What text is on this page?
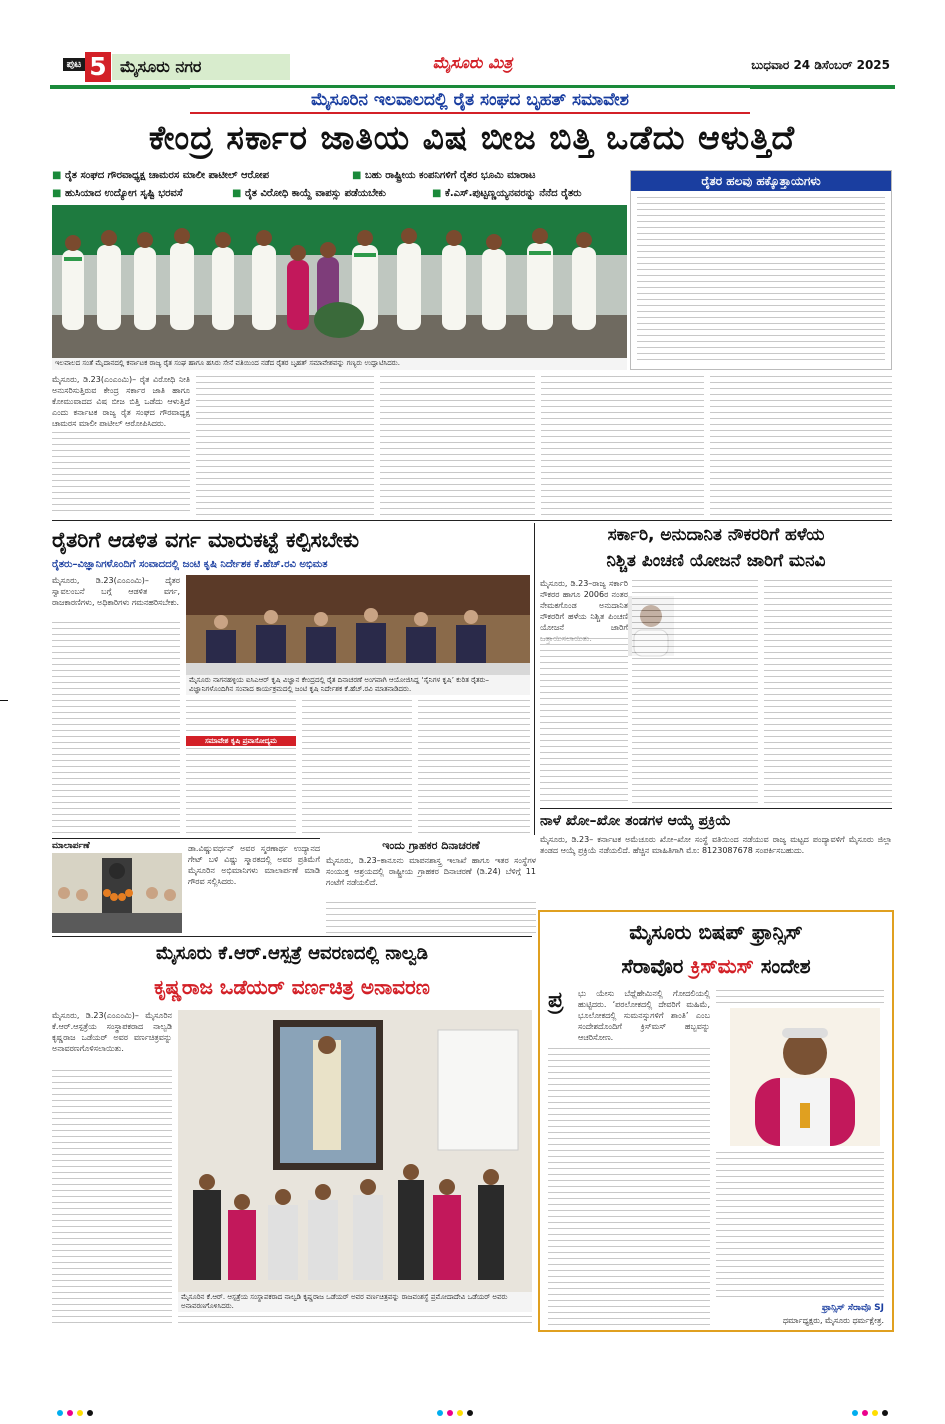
ಪುಟ 5 ಮೈಸೂರು ನಗರ	ಮೈಸೂರು ಮಿತ್ರ	ಬುಧವಾರ 24 ಡಿಸೆಂಬರ್ 2025
ಮೈಸೂರಿನ ಇಲವಾಲದಲ್ಲಿ ರೈತ ಸಂಘದ ಬೃಹತ್ ಸಮಾವೇಶ
ಕೇಂದ್ರ ಸರ್ಕಾರ ಜಾತಿಯ ವಿಷ ಬೀಜ ಬಿತ್ತಿ ಒಡೆದು ಆಳುತ್ತಿದೆ
■ ರೈತ ಸಂಘದ ಗೌರವಾಧ್ಯಕ್ಷ ಚಾಮರಸ ಮಾಲೀ ಪಾಟೀಲ್ ಆರೋಪ	■ ಬಹು ರಾಷ್ಟ್ರೀಯ ಕಂಪನಿಗಳಿಗೆ ರೈತರ ಭೂಮಿ ಮಾರಾಟ
■ ಹುಸಿಯಾದ ಉದ್ಯೋಗ ಸೃಷ್ಟಿ ಭರವಸೆ	■ ರೈತ ವಿರೋಧಿ ಕಾಯ್ದೆ ವಾಪಸ್ಸು ಪಡೆಯಬೇಕು	■ ಕೆ.ಎಸ್.ಪುಟ್ಟಣ್ಣಯ್ಯನವರನ್ನು ನೆನೆದ ರೈತರು
ಇಲವಾಲದ ಸಂತೆ ಮೈದಾನದಲ್ಲಿ ಕರ್ನಾಟಕ ರಾಜ್ಯ ರೈತ ಸಂಘ ಹಾಗೂ ಹಸಿರು ಸೇನೆ ವತಿಯಿಂದ ನಡೆದ ರೈತರ ಬೃಹತ್ ಸಮಾವೇಶವನ್ನು ಗಣ್ಯರು ಉದ್ಘಾಟಿಸಿದರು.
ರೈತರ ಹಲವು ಹಕ್ಕೊತ್ತಾಯಗಳು
ಮೈಸೂರು, ಡಿ.23(ಎಂಎಂಮಿ)– ರೈತ ವಿರೋಧಿ ನೀತಿ ಅನುಸರಿಸುತ್ತಿರುವ ಕೇಂದ್ರ ಸರ್ಕಾರ ಜಾತಿ ಹಾಗೂ ಕೋಮುವಾದದ ವಿಷ ಬೀಜ ಬಿತ್ತಿ ಒಡೆದು ಆಳುತ್ತಿದೆ ಎಂದು ಕರ್ನಾಟಕ ರಾಜ್ಯ ರೈತ ಸಂಘದ ಗೌರವಾಧ್ಯಕ್ಷ ಚಾಮರಸ ಮಾಲೀ ಪಾಟೀಲ್ ಆರೋಪಿಸಿದರು.
ರೈತರಿಗೆ ಆಡಳಿತ ವರ್ಗ ಮಾರುಕಟ್ಟೆ ಕಲ್ಪಿಸಬೇಕು
ರೈತರು–ವಿಜ್ಞಾನಿಗಳೊಂದಿಗೆ ಸಂವಾದದಲ್ಲಿ ಜಂಟಿ ಕೃಷಿ ನಿರ್ದೇಶಕ ಕೆ.ಹೆಚ್.ರವಿ ಅಭಿಮತ
ಮೈಸೂರು, ಡಿ.23(ಎಂಎಂಮಿ)– ದೈತರ ಸ್ವಾವಲಂಬನೆ ಬಗ್ಗೆ ಆಡಳಿತ ವರ್ಗ, ರಾಜಕಾರಣಿಗಳು, ಅಧಿಕಾರಿಗಳು ಗಮನಹರಿಸಬೇಕು.
ಮೈಸೂರು ನಾಗನಹಳ್ಳಿಯ ಐಸಿಎಆರ್ ಕೃಷಿ ವಿಜ್ಞಾನ ಕೇಂದ್ರದಲ್ಲಿ ರೈತ ದಿನಾಚರಣೆ ಅಂಗವಾಗಿ ಆಯೋಜಿಸಿದ್ದ ‘ಸೈನಿಗಳ ಕೃಷಿ’ ಕುರಿತ ರೈತರು–ವಿಜ್ಞಾನಿಗಳೊಂದಿಗಿನ ಸಂವಾದ ಕಾರ್ಯಕ್ರಮದಲ್ಲಿ ಜಂಟಿ ಕೃಷಿ ನಿರ್ದೇಶಕ ಕೆ.ಹೆಚ್.ರವಿ ಮಾತನಾಡಿದರು.
ಸಮಾವೇಶ ಕೃಷಿ ಪ್ರವಾಸೋದ್ಯಮ
ಸರ್ಕಾರಿ, ಅನುದಾನಿತ ನೌಕರರಿಗೆ ಹಳೆಯ
ನಿಶ್ಚಿತ ಪಿಂಚಣಿ ಯೋಜನೆ ಜಾರಿಗೆ ಮನವಿ
ಮೈಸೂರು, ಡಿ.23–ರಾಜ್ಯ ಸರ್ಕಾರಿ ನೌಕರರ ಹಾಗೂ 2006ರ ನಂತರ ನೇಮಕಗೊಂಡ ಅನುದಾನಿತ ನೌಕರರಿಗೆ ಹಳೆಯ ನಿಶ್ಚಿತ ಪಿಂಚಣಿ ಯೋಜನೆ ಜಾರಿಗೆ
ನಾಳೆ ಖೋ–ಖೋ ತಂಡಗಳ ಆಯ್ಕೆ ಪ್ರಕ್ರಿಯೆ
ಮೈಸೂರು, ಡಿ.23– ಕರ್ನಾಟಕ ಅಮೆಚೂರು ಖೋ–ಖೋ ಸಂಸ್ಥೆ ವತಿಯಿಂದ ನಡೆಯುವ ರಾಜ್ಯ ಮಟ್ಟದ ಪಂದ್ಯಾವಳಿಗೆ ಮೈಸೂರು ಜಿಲ್ಲಾ ತಂಡದ ಆಯ್ಕೆ ಪ್ರಕ್ರಿಯೆ ನಡೆಯಲಿದೆ. ಹೆಚ್ಚಿನ ಮಾಹಿತಿಗಾಗಿ ಮೊ: 8123087678 ಸಂಪರ್ಕಿಸಬಹುದು.
ಮಾಲಾರ್ಪಣೆ	ಡಾ.ವಿಷ್ಣುವರ್ಧನ್ ಅವರ ಸ್ಮರಣಾರ್ಥ ಉದ್ಯಾನದ ಗೇಟ್ ಬಳಿ ವಿಷ್ಣು ಸ್ಮಾರಕದಲ್ಲಿ ಅವರ ಪ್ರತಿಮೆಗೆ ಮೈಸೂರಿನ ಅಭಿಮಾನಿಗಳು ಮಾಲಾರ್ಪಣೆ ಮಾಡಿ ಗೌರವ ಸಲ್ಲಿಸಿದರು.
ಇಂದು ಗ್ರಾಹಕರ ದಿನಾಚರಣೆ
ಮೈಸೂರು, ಡಿ.23–ಕಾನೂನು ಮಾಪನಶಾಸ್ತ್ರ ಇಲಾಖೆ ಹಾಗೂ ಇತರ ಸಂಸ್ಥೆಗಳ ಸಂಯುಕ್ತ ಆಶ್ರಯದಲ್ಲಿ ರಾಷ್ಟ್ರೀಯ ಗ್ರಾಹಕರ ದಿನಾಚರಣೆ (ಡಿ.24) ಬೆಳಿಗ್ಗೆ 11 ಗಂಟೆಗೆ ನಡೆಯಲಿದೆ.
ಮೈಸೂರು ಕೆ.ಆರ್.ಆಸ್ಪತ್ರೆ ಆವರಣದಲ್ಲಿ ನಾಲ್ವಡಿ
ಕೃಷ್ಣರಾಜ ಒಡೆಯರ್ ವರ್ಣಚಿತ್ರ ಅನಾವರಣ
ಮೈಸೂರು, ಡಿ.23(ಎಂಎಂಮಿ)– ಮೈಸೂರಿನ ಕೆ.ಆರ್.ಆಸ್ಪತ್ರೆಯ ಸಂಸ್ಥಾಪಕರಾದ ನಾಲ್ವಡಿ ಕೃಷ್ಣರಾಜ ಒಡೆಯರ್ ಅವರ ವರ್ಣಚಿತ್ರವನ್ನು ಅನಾವರಣಗೊಳಿಸಲಾಯಿತು.
ಮೈಸೂರಿನ ಕೆ.ಆರ್. ಆಸ್ಪತ್ರೆಯ ಸಂಸ್ಥಾಪಕರಾದ ನಾಲ್ವಡಿ ಕೃಷ್ಣರಾಜ ಒಡೆಯರ್ ಅವರ ವರ್ಣಚಿತ್ರವನ್ನು ರಾಜವಂಶಸ್ಥೆ ಪ್ರಮೋದಾದೇವಿ ಒಡೆಯರ್ ಅವರು ಅನಾವರಣಗೊಳಿಸಿದರು.
ಮೈಸೂರು ಬಿಷಪ್ ಫ್ರಾನ್ಸಿಸ್
ಸೆರಾವೊರ ಕ್ರಿಸ್‌ಮಸ್ ಸಂದೇಶ
ಪ್ರ ಭು ಯೇಸು ಬೆಥ್ಲೆಹೇಮಿನಲ್ಲಿ ಗೋದಲಿಯಲ್ಲಿ ಹುಟ್ಟಿದರು. ‘ಪರಲೋಕದಲ್ಲಿ ದೇವರಿಗೆ ಮಹಿಮೆ, ಭೂಲೋಕದಲ್ಲಿ ಸುಮನಸ್ಸುಗಳಿಗೆ ಶಾಂತಿ’ ಎಂಬ ಸಂದೇಶದೊಂದಿಗೆ ಕ್ರಿಸ್‌ಮಸ್ ಹಬ್ಬವನ್ನು ಆಚರಿಸೋಣ.
ಫ್ರಾನ್ಸಿಸ್ ಸೆರಾವೊ SJ
ಧರ್ಮಾಧ್ಯಕ್ಷರು, ಮೈಸೂರು ಧರ್ಮಕ್ಷೇತ್ರ.
